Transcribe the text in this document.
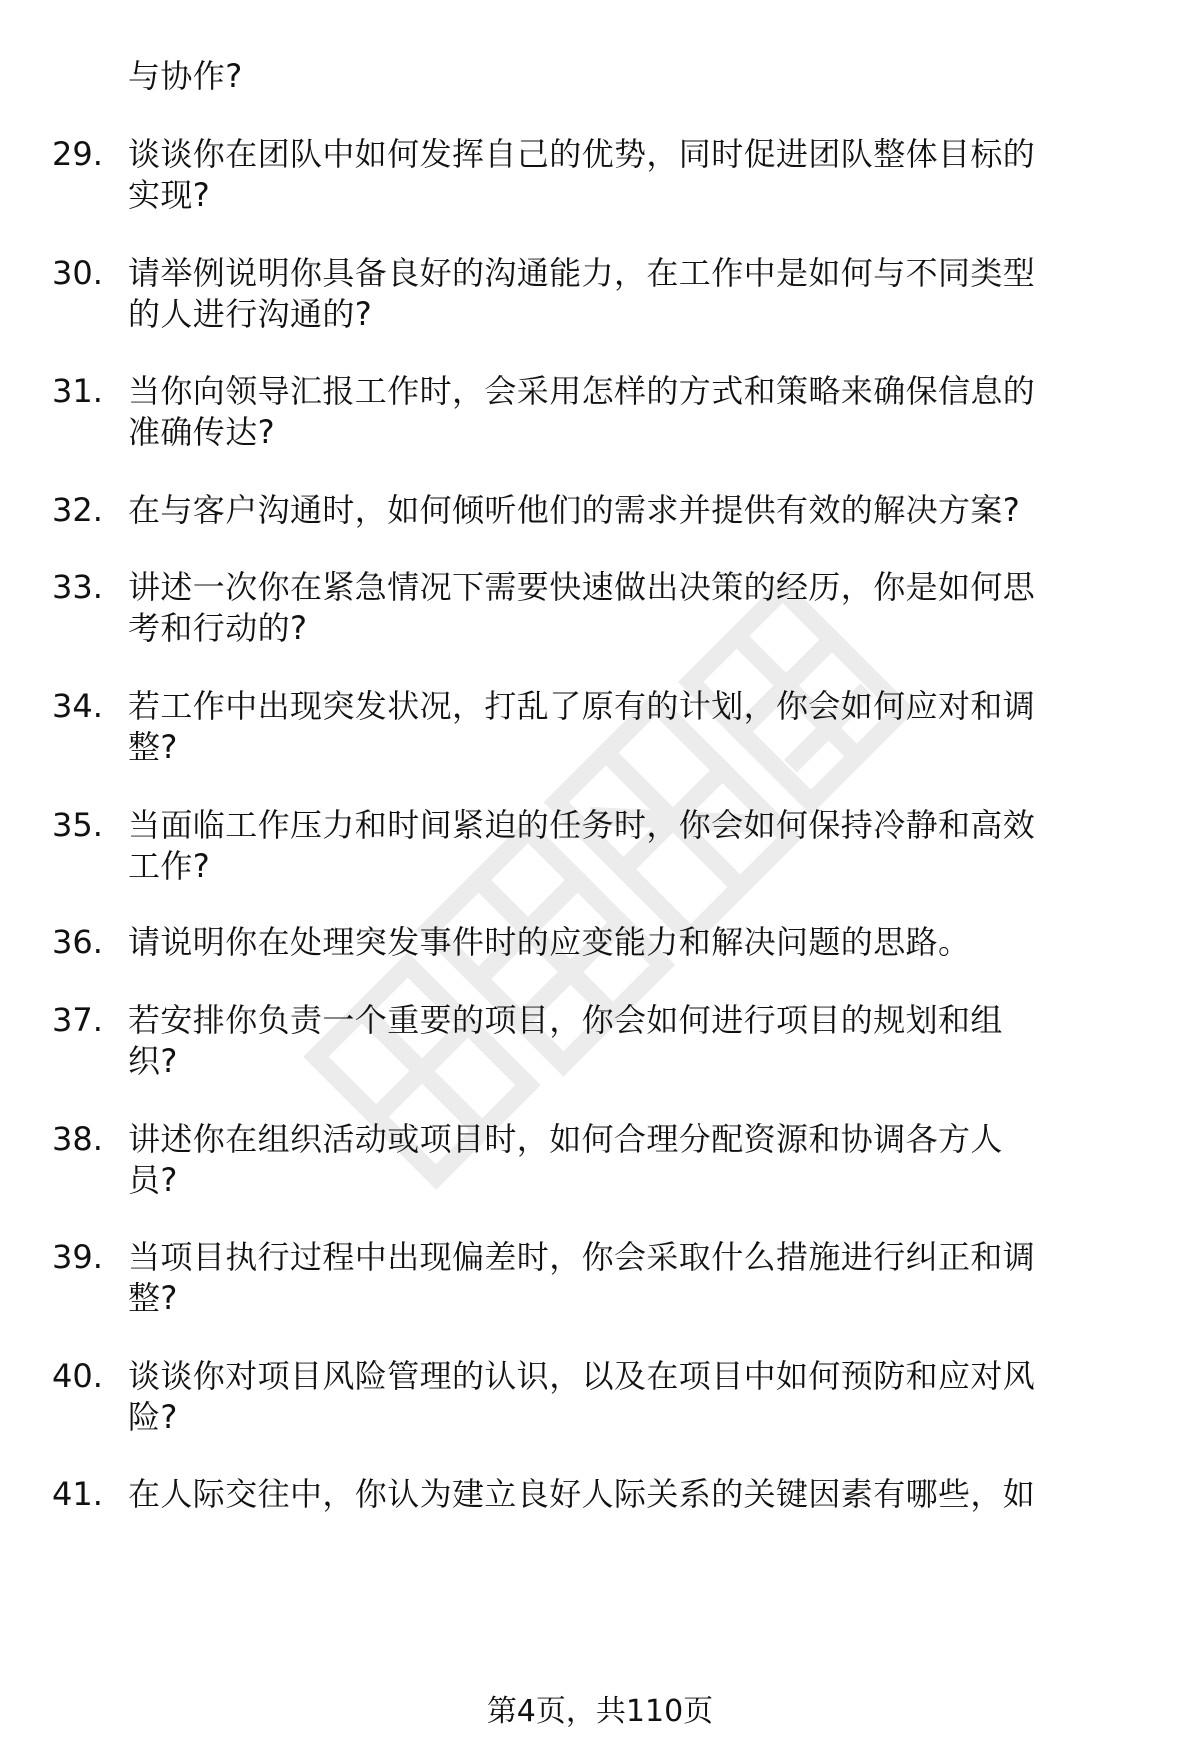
与协作?
29. 谈谈你在团队中如何发挥自己的优势，同时促进团队整体目标的
实现?
30. 请举例说明你具备良好的沟通能力，在工作中是如何与不同类型
的人进行沟通的?
31. 当你向领导汇报工作时，会采用怎样的方式和策略来确保信息的
准确传达?
32. 在与客户沟通时，如何倾听他们的需求并提供有效的解决方案?
33. 讲述一次你在紧急情况下需要快速做出决策的经历，你是如何思
考和行动的?
34. 若工作中出现突发状况，打乱了原有的计划，你会如何应对和调
整?
35. 当面临工作压力和时间紧迫的任务时，你会如何保持冷静和高效
工作?
36. 请说明你在处理突发事件时的应变能力和解决问题的思路。
37. 若安排你负责一个重要的项目，你会如何进行项目的规划和组
织?
38. 讲述你在组织活动或项目时，如何合理分配资源和协调各方人
员?
39. 当项目执行过程中出现偏差时，你会采取什么措施进行纠正和调
整?
40. 谈谈你对项目风险管理的认识，以及在项目中如何预防和应对风
险?
41. 在人际交往中，你认为建立良好人际关系的关键因素有哪些，如
第4页，共110页
